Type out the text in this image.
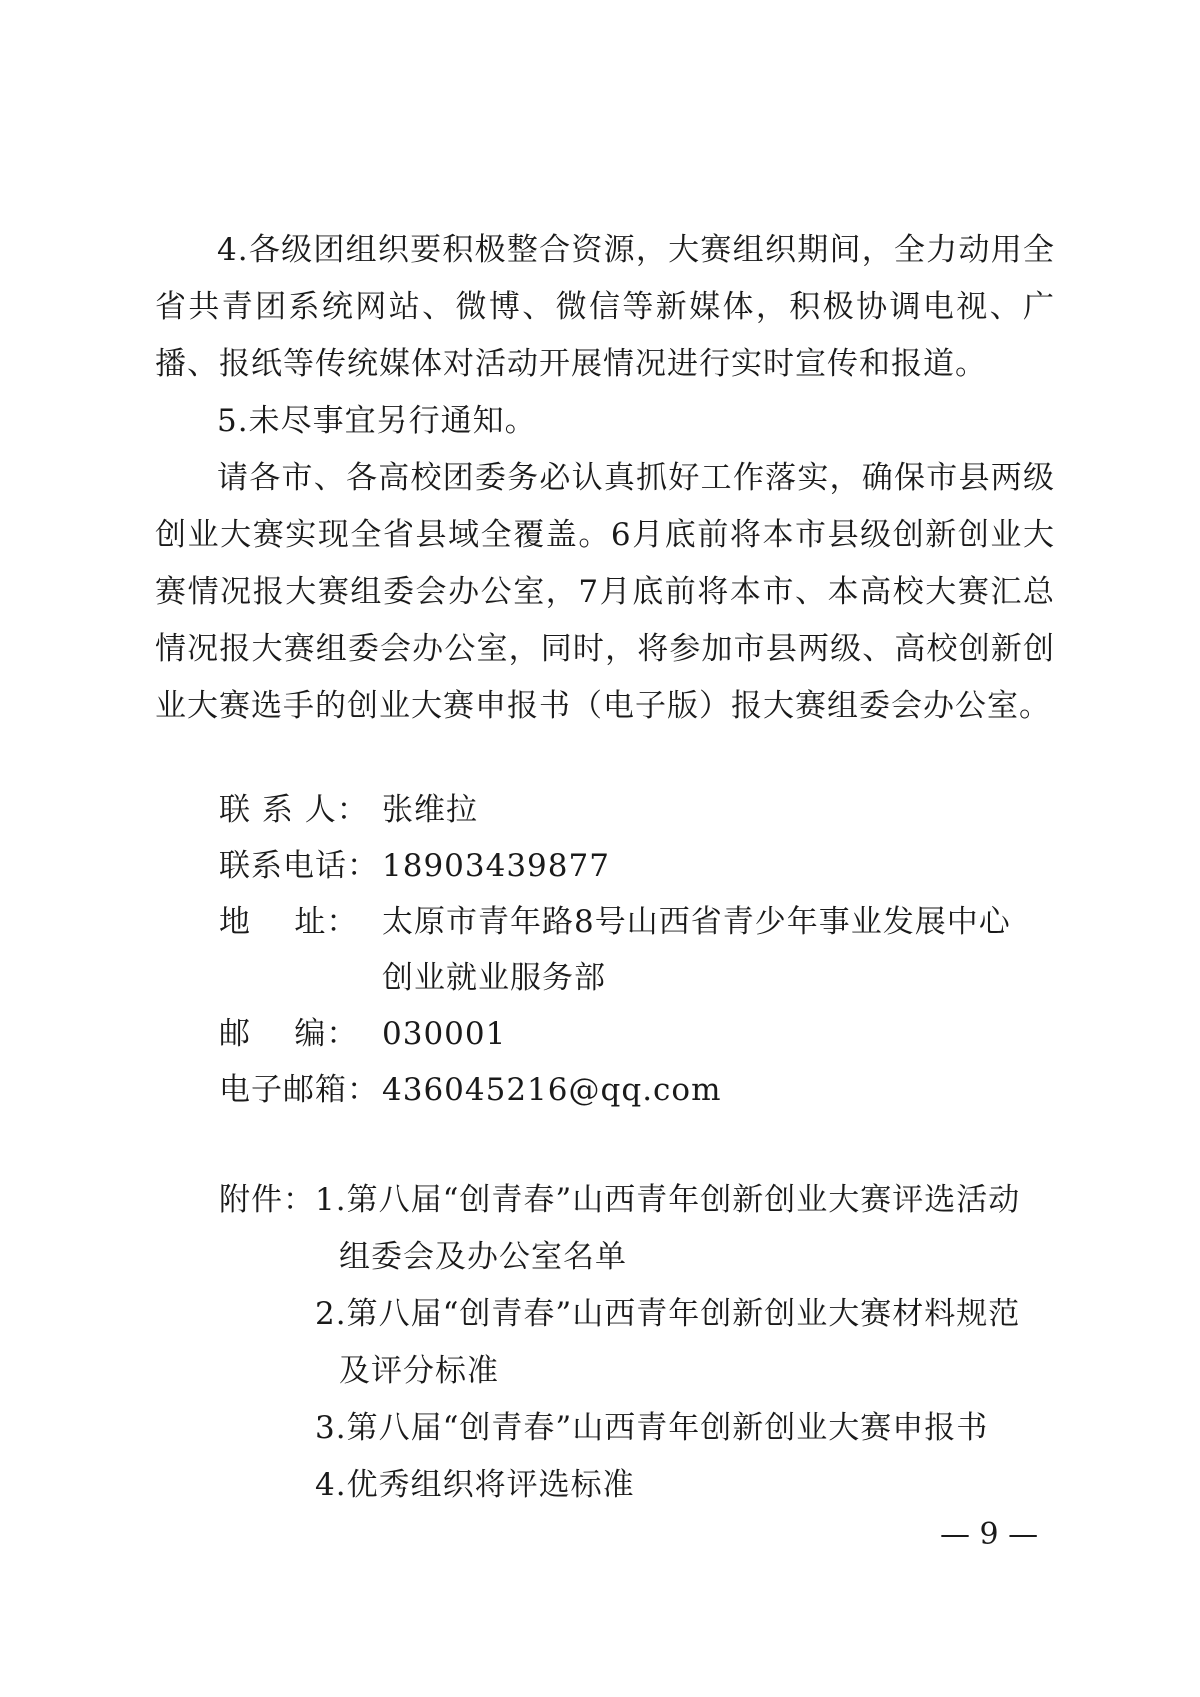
4.各级团组织要积极整合资源，大赛组织期间，全力动用全省共青团系统网站、微博、微信等新媒体，积极协调电视、广播、报纸等传统媒体对活动开展情况进行实时宣传和报道。

5.未尽事宜另行通知。

请各市、各高校团委务必认真抓好工作落实，确保市县两级创业大赛实现全省县域全覆盖。6月底前将本市县级创新创业大赛情况报大赛组委会办公室，7月底前将本市、本高校大赛汇总情况报大赛组委会办公室，同时，将参加市县两级、高校创新创业大赛选手的创业大赛申报书（电子版）报大赛组委会办公室。

联 系 人： 张维拉
联系电话： 18903439877
地    址： 太原市青年路8号山西省青少年事业发展中心创业就业服务部
邮    编： 030001
电子邮箱： 436045216@qq.com
附件： 1.第八届“创青春”山西青年创新创业大赛评选活动组委会及办公室名单
2.第八届“创青春”山西青年创新创业大赛材料规范及评分标准
3.第八届“创青春”山西青年创新创业大赛申报书
4.优秀组织将评选标准
— 9 —
